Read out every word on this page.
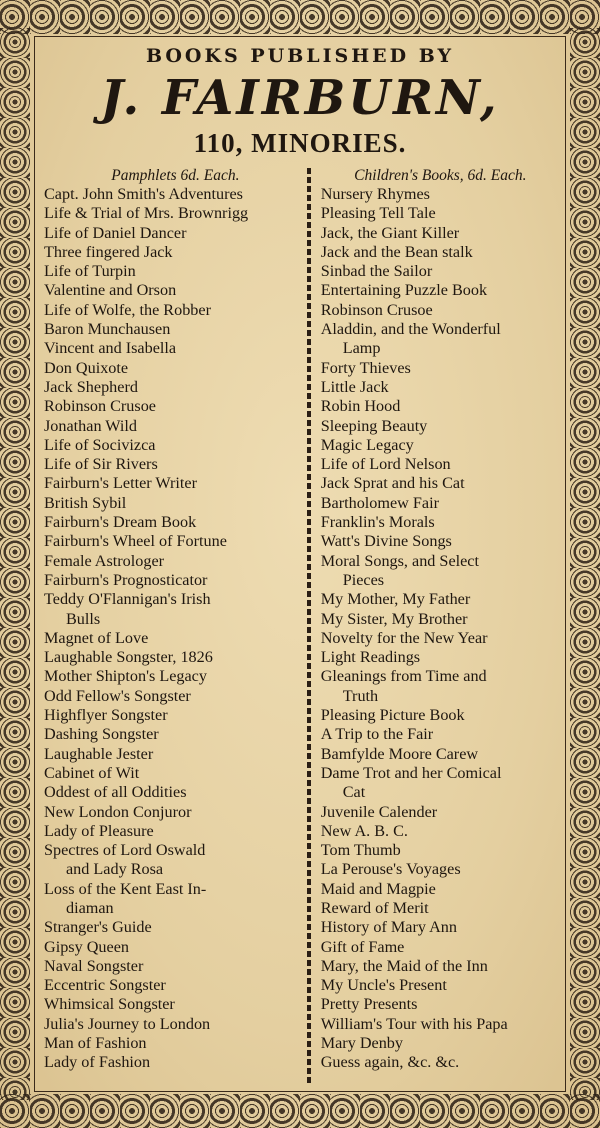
BOOKS PUBLISHED BY
J. FAIRBURN,
110, MINORIES.
Pamphlets 6d. Each.
Capt. John Smith's Adventures
Life & Trial of Mrs. Brownrigg
Life of Daniel Dancer
Three fingered Jack
Life of Turpin
Valentine and Orson
Life of Wolfe, the Robber
Baron Munchausen
Vincent and Isabella
Don Quixote
Jack Shepherd
Robinson Crusoe
Jonathan Wild
Life of Socivizca
Life of Sir Rivers
Fairburn's Letter Writer
British Sybil
Fairburn's Dream Book
Fairburn's Wheel of Fortune
Female Astrologer
Fairburn's Prognosticator
Teddy O'Flannigan's Irish
Bulls
Magnet of Love
Laughable Songster, 1826
Mother Shipton's Legacy
Odd Fellow's Songster
Highflyer Songster
Dashing Songster
Laughable Jester
Cabinet of Wit
Oddest of all Oddities
New London Conjuror
Lady of Pleasure
Spectres of Lord Oswald
and Lady Rosa
Loss of the Kent East In-
diaman
Stranger's Guide
Gipsy Queen
Naval Songster
Eccentric Songster
Whimsical Songster
Julia's Journey to London
Man of Fashion
Lady of Fashion
Children's Books, 6d. Each.
Nursery Rhymes
Pleasing Tell Tale
Jack, the Giant Killer
Jack and the Bean stalk
Sinbad the Sailor
Entertaining Puzzle Book
Robinson Crusoe
Aladdin, and the Wonderful
Lamp
Forty Thieves
Little Jack
Robin Hood
Sleeping Beauty
Magic Legacy
Life of Lord Nelson
Jack Sprat and his Cat
Bartholomew Fair
Franklin's Morals
Watt's Divine Songs
Moral Songs, and Select
Pieces
My Mother, My Father
My Sister, My Brother
Novelty for the New Year
Light Readings
Gleanings from Time and
Truth
Pleasing Picture Book
A Trip to the Fair
Bamfylde Moore Carew
Dame Trot and her Comical
Cat
Juvenile Calender
New A. B. C.
Tom Thumb
La Perouse's Voyages
Maid and Magpie
Reward of Merit
History of Mary Ann
Gift of Fame
Mary, the Maid of the Inn
My Uncle's Present
Pretty Presents
William's Tour with his Papa
Mary Denby
Guess again, &c. &c.
